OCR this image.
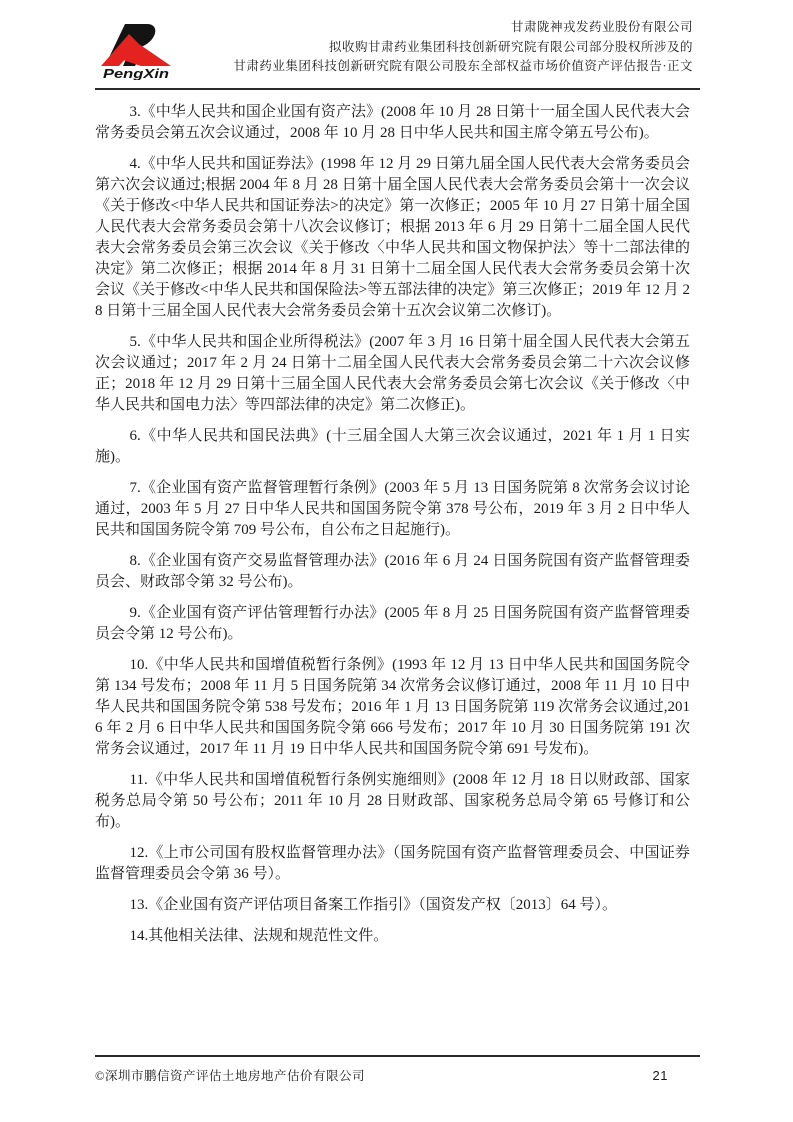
PengXin
甘肃陇神戎发药业股份有限公司
拟收购甘肃药业集团科技创新研究院有限公司部分股权所涉及的
甘肃药业集团科技创新研究院有限公司股东全部权益市场价值资产评估报告·正文

3.《中华人民共和国企业国有资产法》(2008 年 10 月 28 日第十一届全国人民代表大会常务委员会第五次会议通过，2008 年 10 月 28 日中华人民共和国主席令第五号公布)。

4.《中华人民共和国证券法》(1998 年 12 月 29 日第九届全国人民代表大会常务委员会第六次会议通过;根据 2004 年 8 月 28 日第十届全国人民代表大会常务委员会第十一次会议《关于修改<中华人民共和国证券法>的决定》第一次修正；2005 年 10 月 27 日第十届全国人民代表大会常务委员会第十八次会议修订；根据 2013 年 6 月 29 日第十二届全国人民代表大会常务委员会第三次会议《关于修改〈中华人民共和国文物保护法〉等十二部法律的决定》第二次修正；根据 2014 年 8 月 31 日第十二届全国人民代表大会常务委员会第十次会议《关于修改<中华人民共和国保险法>等五部法律的决定》第三次修正；2019 年 12 月 28 日第十三届全国人民代表大会常务委员会第十五次会议第二次修订)。

5.《中华人民共和国企业所得税法》(2007 年 3 月 16 日第十届全国人民代表大会第五次会议通过；2017 年 2 月 24 日第十二届全国人民代表大会常务委员会第二十六次会议修正；2018 年 12 月 29 日第十三届全国人民代表大会常务委员会第七次会议《关于修改〈中华人民共和国电力法〉等四部法律的决定》第二次修正)。

6.《中华人民共和国民法典》(十三届全国人大第三次会议通过，2021 年 1 月 1 日实施)。

7.《企业国有资产监督管理暂行条例》(2003 年 5 月 13 日国务院第 8 次常务会议讨论通过，2003 年 5 月 27 日中华人民共和国国务院令第 378 号公布，2019 年 3 月 2 日中华人民共和国国务院令第 709 号公布，自公布之日起施行)。

8.《企业国有资产交易监督管理办法》(2016 年 6 月 24 日国务院国有资产监督管理委员会、财政部令第 32 号公布)。

9.《企业国有资产评估管理暂行办法》(2005 年 8 月 25 日国务院国有资产监督管理委员会令第 12 号公布)。

10.《中华人民共和国增值税暂行条例》(1993 年 12 月 13 日中华人民共和国国务院令第 134 号发布；2008 年 11 月 5 日国务院第 34 次常务会议修订通过，2008 年 11 月 10 日中华人民共和国国务院令第 538 号发布；2016 年 1 月 13 日国务院第 119 次常务会议通过,2016 年 2 月 6 日中华人民共和国国务院令第 666 号发布；2017 年 10 月 30 日国务院第 191 次常务会议通过，2017 年 11 月 19 日中华人民共和国国务院令第 691 号发布)。

11.《中华人民共和国增值税暂行条例实施细则》(2008 年 12 月 18 日以财政部、国家税务总局令第 50 号公布；2011 年 10 月 28 日财政部、国家税务总局令第 65 号修订和公布)。

12.《上市公司国有股权监督管理办法》（国务院国有资产监督管理委员会、中国证券监督管理委员会令第 36 号）。

13.《企业国有资产评估项目备案工作指引》（国资发产权〔2013〕64 号）。

14.其他相关法律、法规和规范性文件。

©深圳市鹏信资产评估土地房地产估价有限公司	21
